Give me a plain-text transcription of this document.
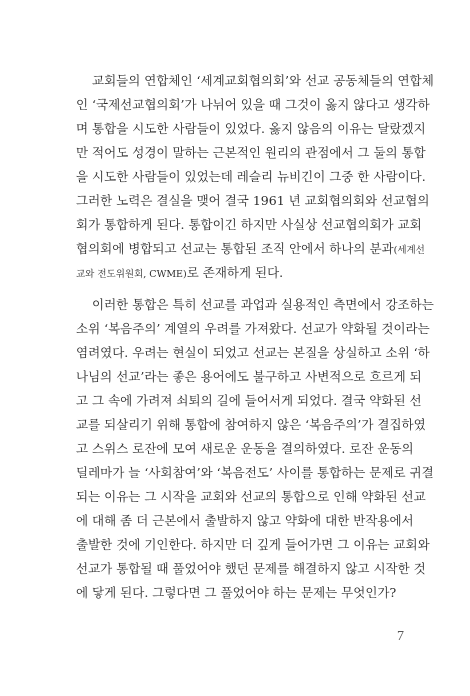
교회들의 연합체인 ‘세계교회협의회’와 선교 공동체들의 연합체
인 ‘국제선교협의회’가 나뉘어 있을 때 그것이 옳지 않다고 생각하
며 통합을 시도한 사람들이 있었다. 옳지 않음의 이유는 달랐겠지
만 적어도 성경이 말하는 근본적인 원리의 관점에서 그 둘의 통합
을 시도한 사람들이 있었는데 레슬리 뉴비긴이 그중 한 사람이다.
그러한 노력은 결실을 맺어 결국 1961 년 교회협의회와 선교협의
회가 통합하게 된다. 통합이긴 하지만 사실상 선교협의회가 교회
협의회에 병합되고 선교는 통합된 조직 안에서 하나의 분과(세계선
교와 전도위원회, CWME)로 존재하게 된다.
이러한 통합은 특히 선교를 과업과 실용적인 측면에서 강조하는
소위 ‘복음주의’ 계열의 우려를 가져왔다. 선교가 약화될 것이라는
염려였다. 우려는 현실이 되었고 선교는 본질을 상실하고 소위 ‘하
나님의 선교’라는 좋은 용어에도 불구하고 사변적으로 흐르게 되
고 그 속에 가려져 쇠퇴의 길에 들어서게 되었다. 결국 약화된 선
교를 되살리기 위해 통합에 참여하지 않은 ‘복음주의’가 결집하였
고 스위스 로잔에 모여 새로운 운동을 결의하였다. 로잔 운동의
딜레마가 늘 ‘사회참여’와 ‘복음전도’ 사이를 통합하는 문제로 귀결
되는 이유는 그 시작을 교회와 선교의 통합으로 인해 약화된 선교
에 대해 좀 더 근본에서 출발하지 않고 약화에 대한 반작용에서
출발한 것에 기인한다. 하지만 더 깊게 들어가면 그 이유는 교회와
선교가 통합될 때 풀었어야 했던 문제를 해결하지 않고 시작한 것
에 닿게 된다. 그렇다면 그 풀었어야 하는 문제는 무엇인가?
7
